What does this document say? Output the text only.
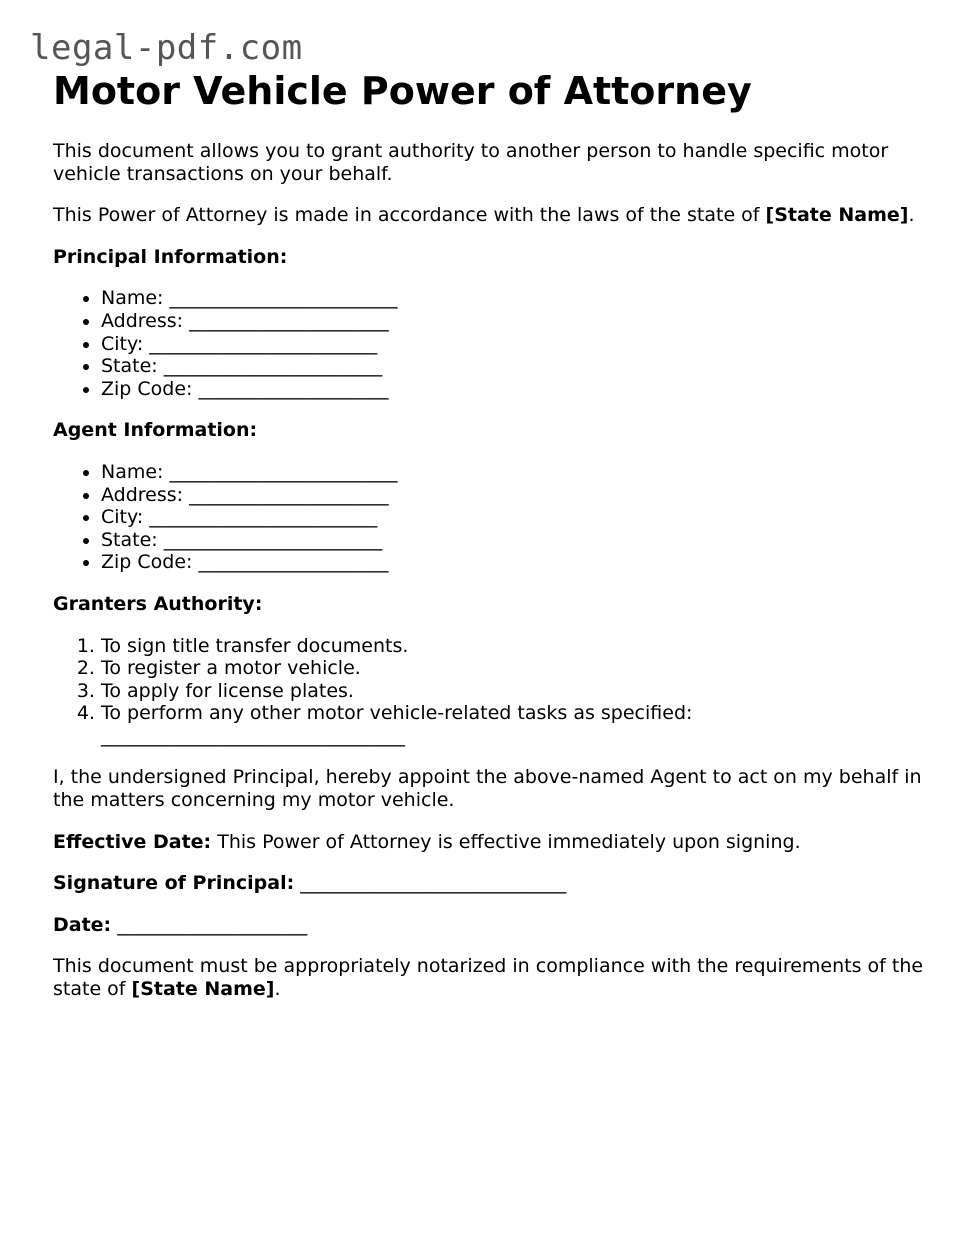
legal-pdf.com
Motor Vehicle Power of Attorney

This document allows you to grant authority to another person to handle specific motor vehicle transactions on your behalf.

This Power of Attorney is made in accordance with the laws of the state of [State Name].

Principal Information:

• Name: ________________________
• Address: _____________________
• City: ________________________
• State: _______________________
• Zip Code: ____________________

Agent Information:

• Name: ________________________
• Address: _____________________
• City: ________________________
• State: _______________________
• Zip Code: ____________________

Granters Authority:

1. To sign title transfer documents.
2. To register a motor vehicle.
3. To apply for license plates.
4. To perform any other motor vehicle-related tasks as specified:
________________________________

I, the undersigned Principal, hereby appoint the above-named Agent to act on my behalf in the matters concerning my motor vehicle.

Effective Date: This Power of Attorney is effective immediately upon signing.

Signature of Principal: ____________________________

Date: ____________________

This document must be appropriately notarized in compliance with the requirements of the state of [State Name].
